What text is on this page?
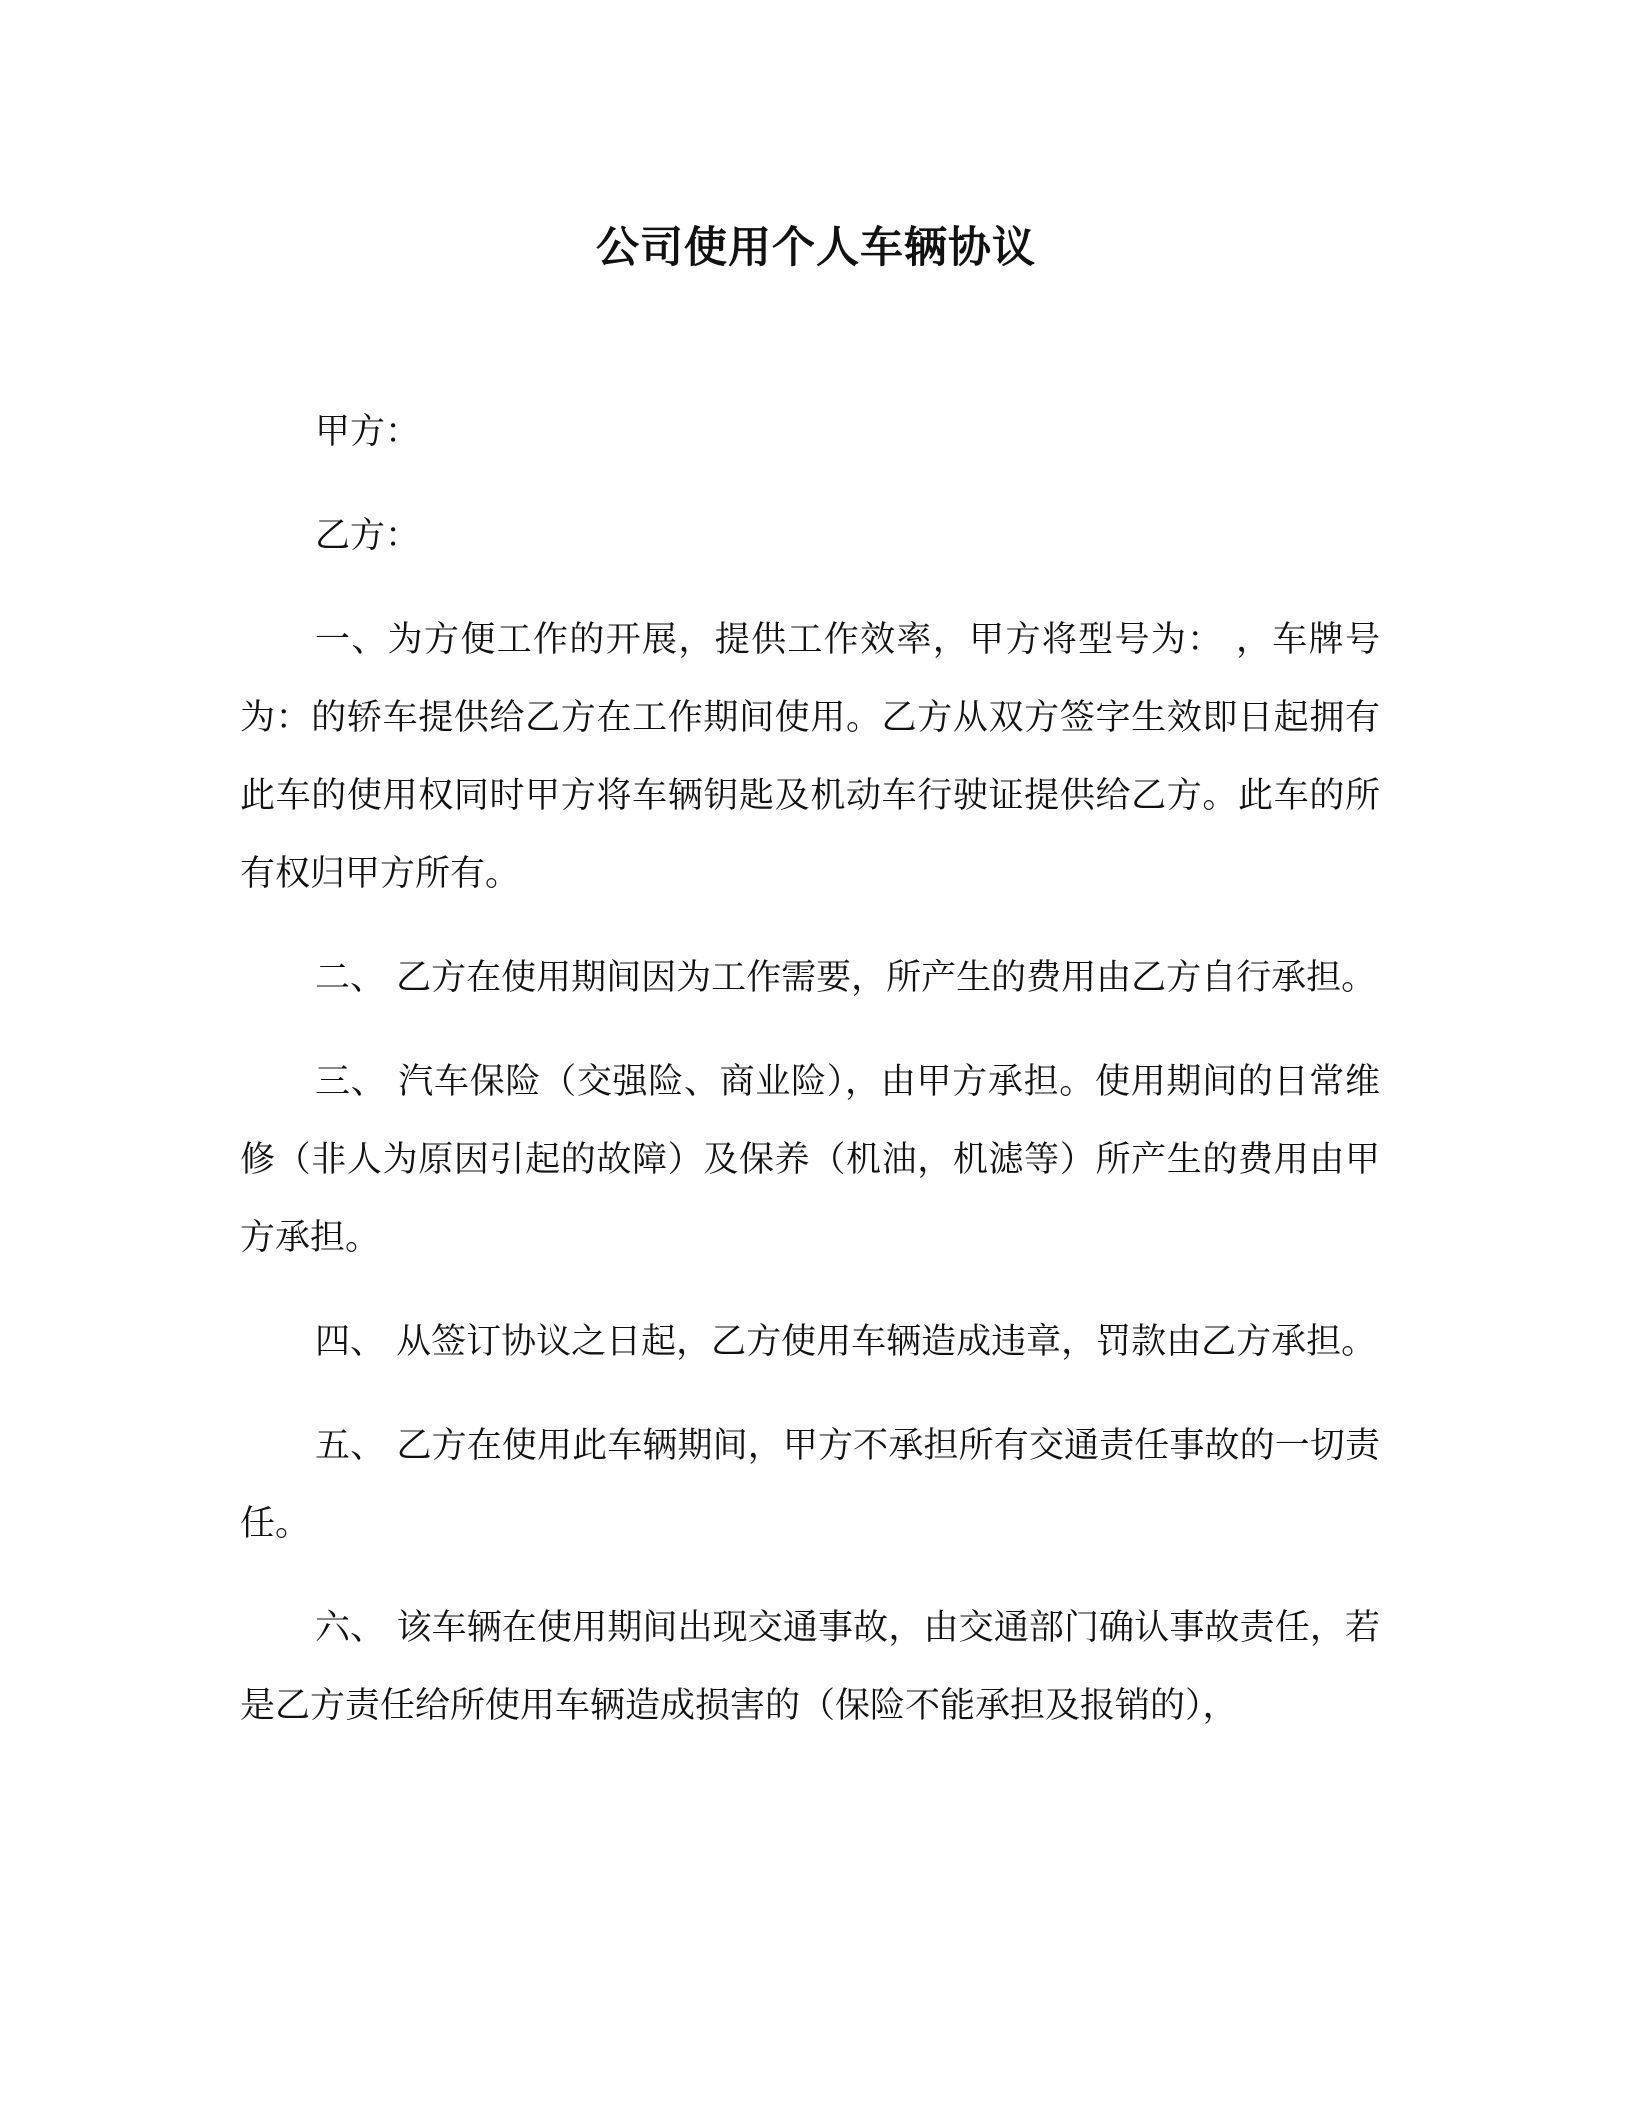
公司使用个人车辆协议

甲方：

乙方：

一、为方便工作的开展，提供工作效率，甲方将型号为： ，车牌号为：的轿车提供给乙方在工作期间使用。乙方从双方签字生效即日起拥有此车的使用权同时甲方将车辆钥匙及机动车行驶证提供给乙方。此车的所有权归甲方所有。

二、 乙方在使用期间因为工作需要，所产生的费用由乙方自行承担。

三、 汽车保险（交强险、商业险），由甲方承担。使用期间的日常维修（非人为原因引起的故障）及保养（机油，机滤等）所产生的费用由甲方承担。

四、 从签订协议之日起，乙方使用车辆造成违章，罚款由乙方承担。

五、 乙方在使用此车辆期间，甲方不承担所有交通责任事故的一切责任。

六、 该车辆在使用期间出现交通事故，由交通部门确认事故责任，若是乙方责任给所使用车辆造成损害的（保险不能承担及报销的），
